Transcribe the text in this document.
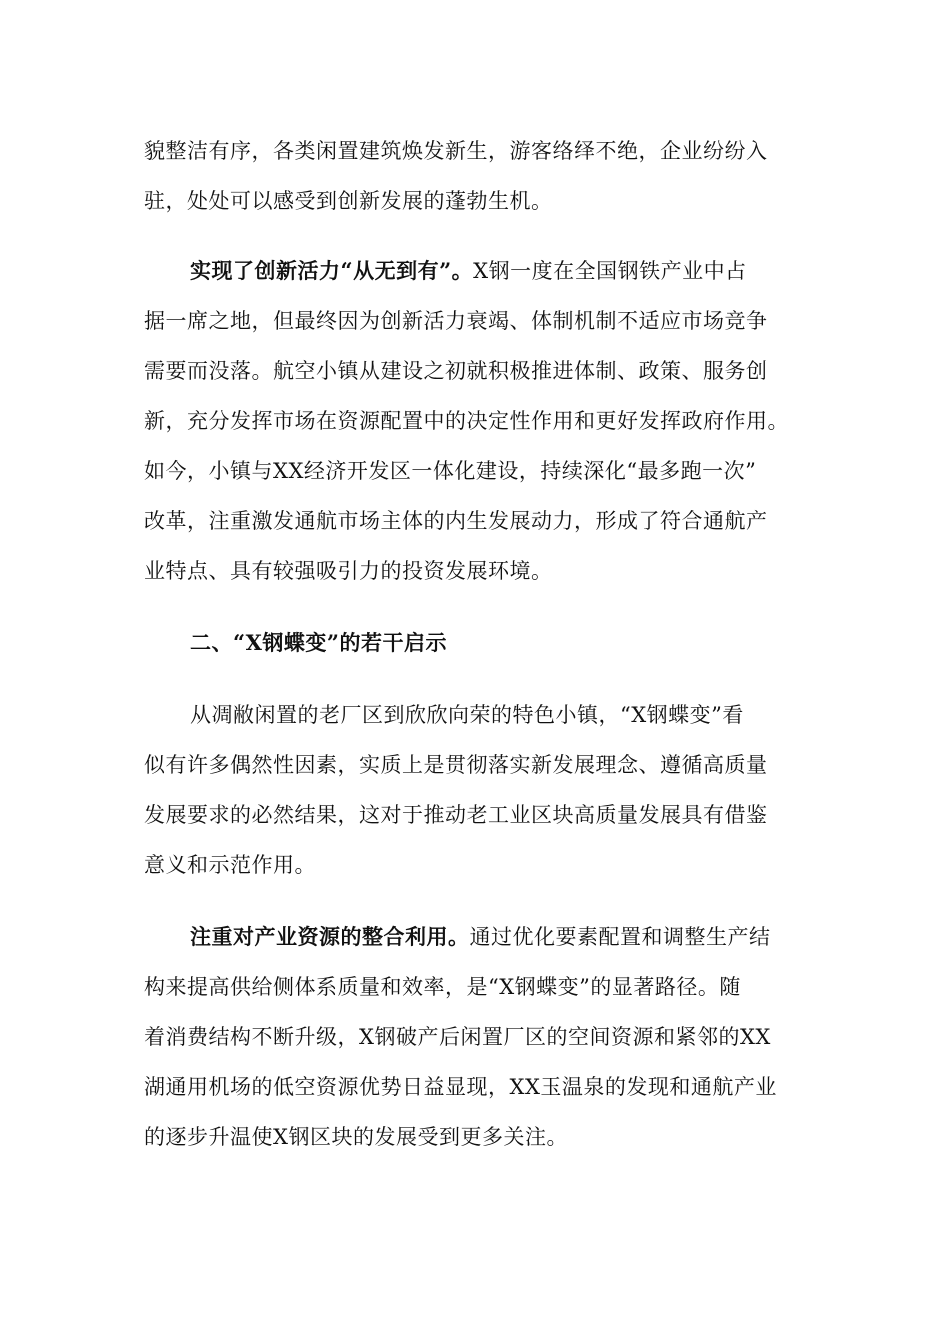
貌整洁有序，各类闲置建筑焕发新生，游客络绎不绝，企业纷纷入
驻，处处可以感受到创新发展的蓬勃生机。
实现了创新活力“从无到有”。X钢一度在全国钢铁产业中占
据一席之地，但最终因为创新活力衰竭、体制机制不适应市场竞争
需要而没落。航空小镇从建设之初就积极推进体制、政策、服务创
新，充分发挥市场在资源配置中的决定性作用和更好发挥政府作用。
如今，小镇与XX经济开发区一体化建设，持续深化“最多跑一次”
改革，注重激发通航市场主体的内生发展动力，形成了符合通航产
业特点、具有较强吸引力的投资发展环境。
二、“X钢蝶变”的若干启示
从凋敝闲置的老厂区到欣欣向荣的特色小镇，“X钢蝶变”看
似有许多偶然性因素，实质上是贯彻落实新发展理念、遵循高质量
发展要求的必然结果，这对于推动老工业区块高质量发展具有借鉴
意义和示范作用。
注重对产业资源的整合利用。通过优化要素配置和调整生产结
构来提高供给侧体系质量和效率，是“X钢蝶变”的显著路径。随
着消费结构不断升级，X钢破产后闲置厂区的空间资源和紧邻的XX
湖通用机场的低空资源优势日益显现，XX玉温泉的发现和通航产业
的逐步升温使X钢区块的发展受到更多关注。
